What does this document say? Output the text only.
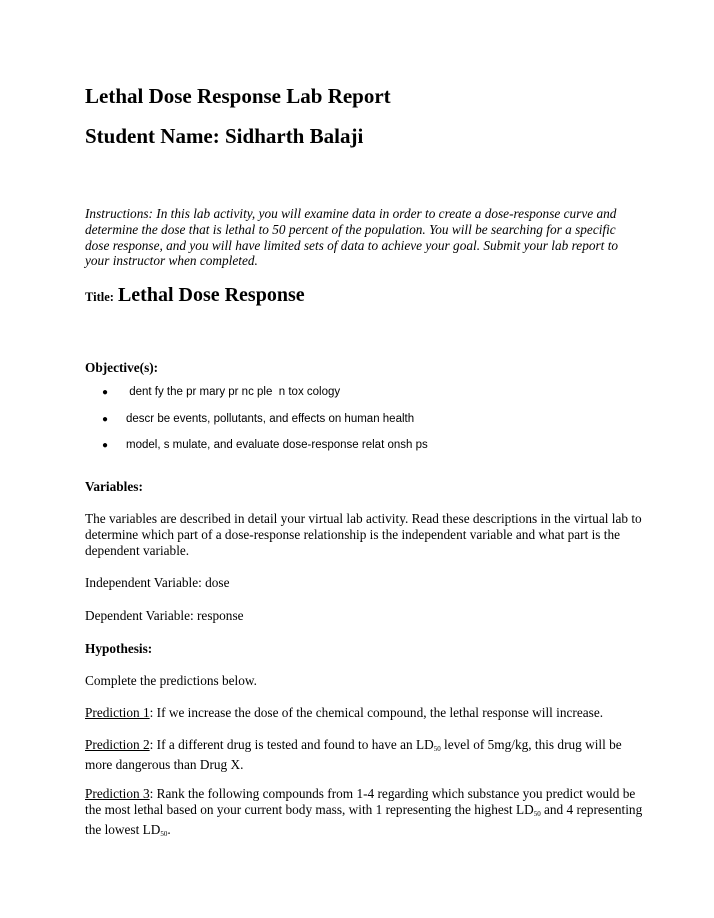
Lethal Dose Response Lab Report
Student Name: Sidharth Balaji

Instructions: In this lab activity, you will examine data in order to create a dose-response curve and determine the dose that is lethal to 50 percent of the population. You will be searching for a specific dose response, and you will have limited sets of data to achieve your goal. Submit your lab report to your instructor when completed.

Title: Lethal Dose Response

Objective(s):

●	dent fy the pr mary pr nc ple  n tox cology
●	descr be events, pollutants, and effects on human health
●	model, s mulate, and evaluate dose-response relat onsh ps

Variables:

The variables are described in detail your virtual lab activity. Read these descriptions in the virtual lab to determine which part of a dose-response relationship is the independent variable and what part is the dependent variable.

Independent Variable: dose

Dependent Variable: response

Hypothesis:

Complete the predictions below.

Prediction 1: If we increase the dose of the chemical compound, the lethal response will increase.

Prediction 2: If a different drug is tested and found to have an $LD_{50}$ level of 5mg/kg, this drug will be more dangerous than Drug X.

Prediction 3: Rank the following compounds from 1-4 regarding which substance you predict would be the most lethal based on your current body mass, with 1 representing the highest $LD_{50}$ and 4 representing the lowest $LD_{50}$.
